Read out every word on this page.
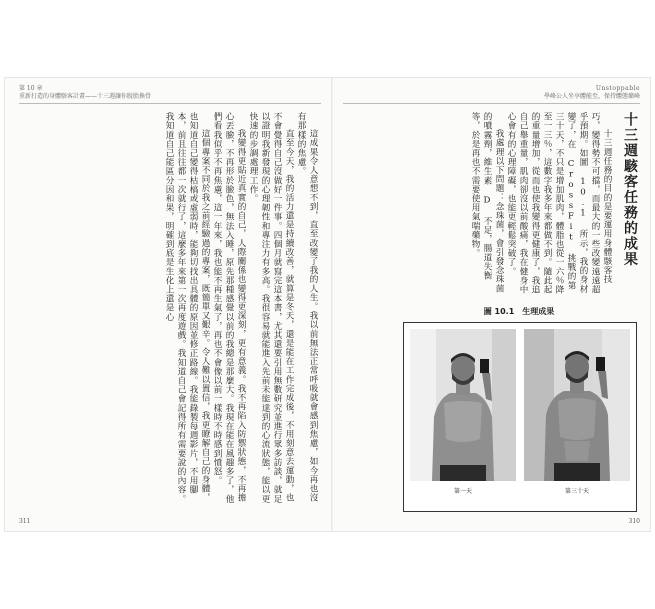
第 10 章
重新打造的身體駭客計畫——十三週讓你脫胎換骨

這成果令人意想不到，直至改變了我的人生。我以前無法正常呼吸就會感到焦慮，如今再也沒有那樣的焦慮。

直至今天，我的活力還是持續改善，就算是冬天，還是能在工作完成後，不用刻意去運動，也不會覺得自己沒做好一件事。四個月就寫完這本書，尤其還要引用無數研究並進行眾多訪談，就足以證明我新發現的心理韌性和專注力有多高。我很容易就能進入先前未能達到的心流狀態，能以更快速的步調處理工作。

我變得更貼近真實的自己，人際關係也變得更深刻，更有意義。我不再陷入防禦狀態，不再擔心丟臉，不再形於臉色，無法入睡，原先那種感覺以前的我總是那麼大。我現在能在風趣多了，他們看我似乎不再焦慮，這一年來，我也能不再生氣了，再也不會像以前一樣時不時感到憤怒。

這個專案不同於我之前經驗過的專案，既簡單又艱辛。令人難以置信，我更瞭解自己的身體，也知道自己變得枯槁或虛弱時，能夠切找出具體的原因並修正路線。我能錄製每週影片，不用腳本，前且往往都一次就行了，這麼多年來第一次再度遊戲。我知道自己會記得所有需要說的內容。我知道自己能區分因和果，明確到底是生化上還是心

311
Unstoppable
學峰公人坐享體能至，保持體態巔峰

十三週駭客任務的成果

十三週任務的目的是要運用身體駭客技巧，變得勢不可擋，而最大的一些改變遠遠超乎預期。如圖 10.1 所示，我的身材變了，在 CrossFit 挑戰的第三十天，不只是增加肌肉，體脂也從一六％降至一三％，這數字我多年來都做不到。隨此起的重量增加，從而也使我變得更健康了，我追自己舉重量，肌肉卻沒以前酸痛，我在健身中心會有的心理障礙，也能更輕鬆突破了。

我處理以下問題：念珠菌，會引發念珠菌的噴霧劑，維生素 D 不足，腸道失衡等，於是再也不需要使用氣喘藥物。

圖 10.1 生理成果
第一天	第三十天
310
